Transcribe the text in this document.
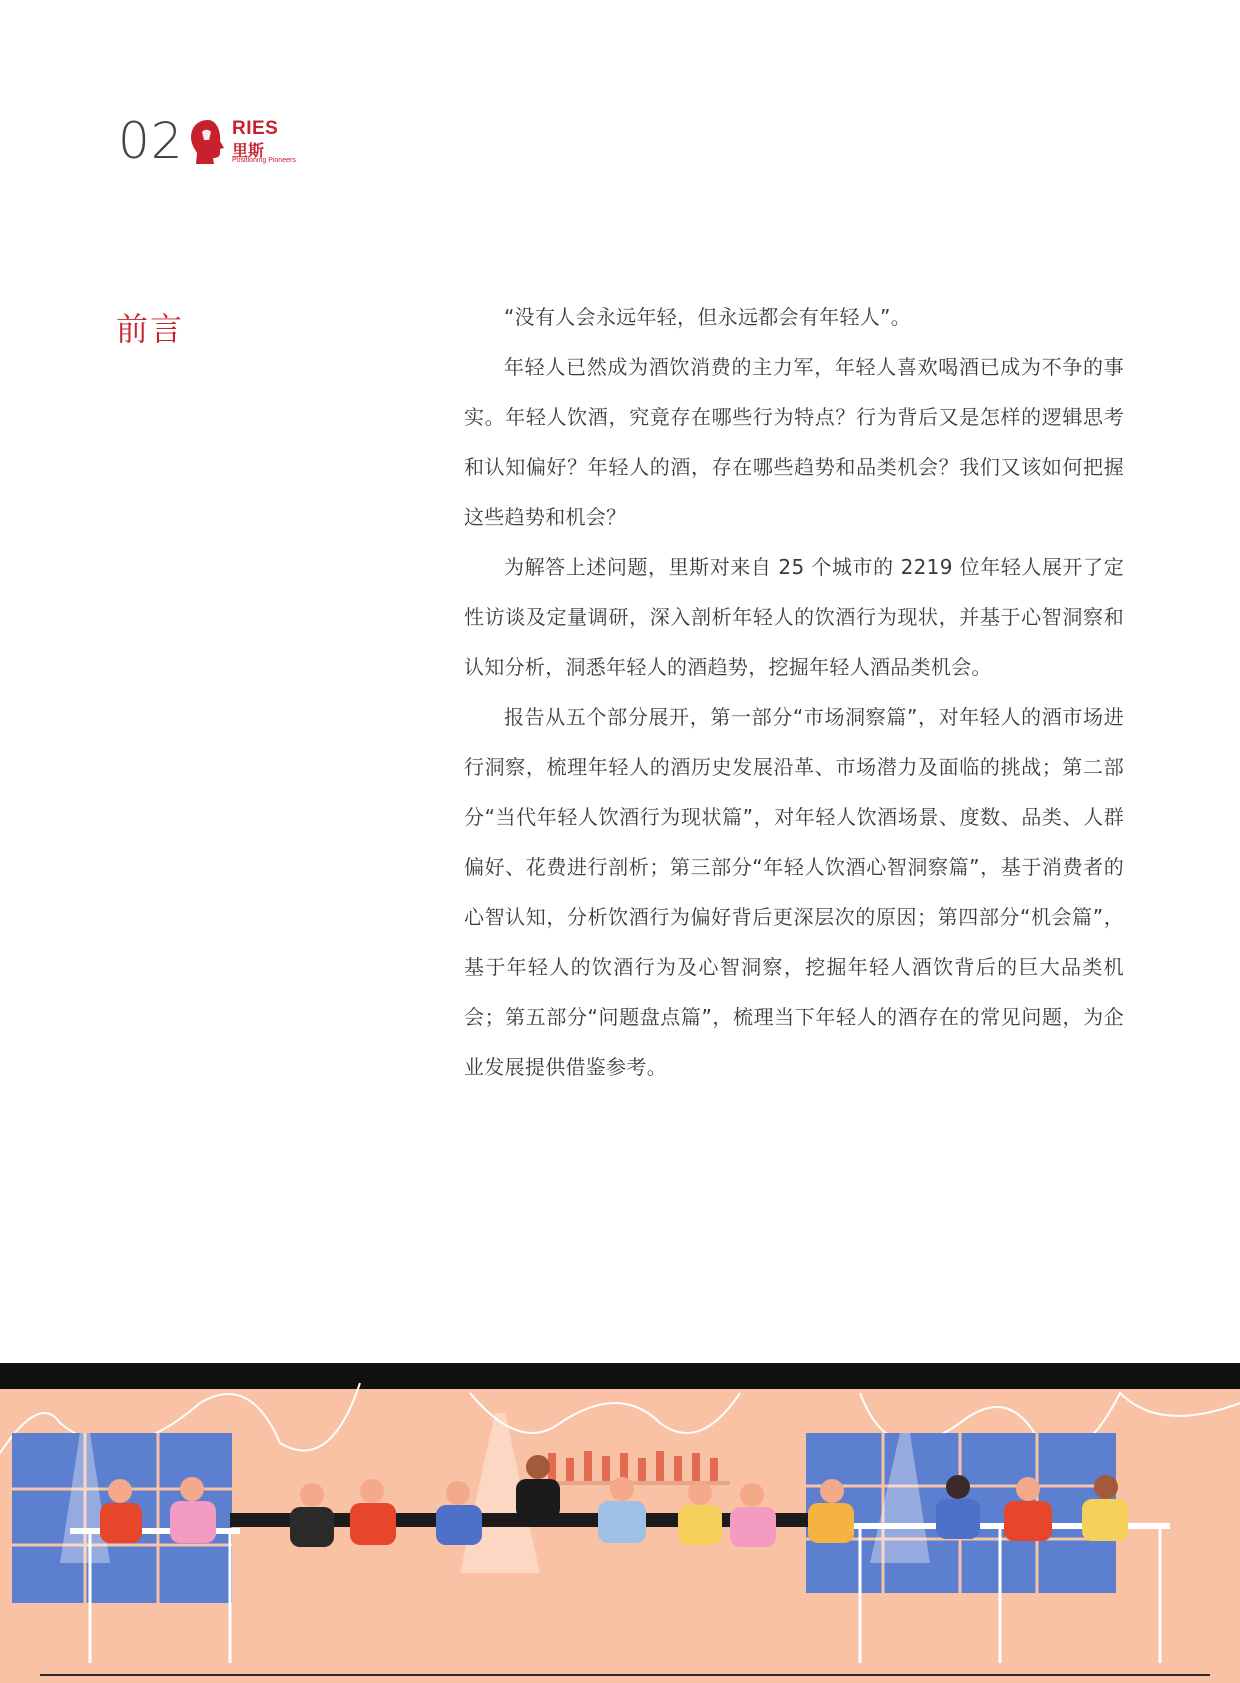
02	RIES
里斯
Positioning Pioneers
前言	“没有人会永远年轻，但永远都会有年轻人”。

年轻人已然成为酒饮消费的主力军，年轻人喜欢喝酒已成为不争的事实。年轻人饮酒，究竟存在哪些行为特点？行为背后又是怎样的逻辑思考和认知偏好？年轻人的酒，存在哪些趋势和品类机会？我们又该如何把握这些趋势和机会？

为解答上述问题，里斯对来自 25 个城市的 2219 位年轻人展开了定性访谈及定量调研，深入剖析年轻人的饮酒行为现状，并基于心智洞察和认知分析，洞悉年轻人的酒趋势，挖掘年轻人酒品类机会。

报告从五个部分展开，第一部分“市场洞察篇”，对年轻人的酒市场进行洞察，梳理年轻人的酒历史发展沿革、市场潜力及面临的挑战；第二部分“当代年轻人饮酒行为现状篇”，对年轻人饮酒场景、度数、品类、人群偏好、花费进行剖析；第三部分“年轻人饮酒心智洞察篇”，基于消费者的心智认知，分析饮酒行为偏好背后更深层次的原因；第四部分“机会篇”，基于年轻人的饮酒行为及心智洞察，挖掘年轻人酒饮背后的巨大品类机会；第五部分“问题盘点篇”，梳理当下年轻人的酒存在的常见问题，为企业发展提供借鉴参考。
